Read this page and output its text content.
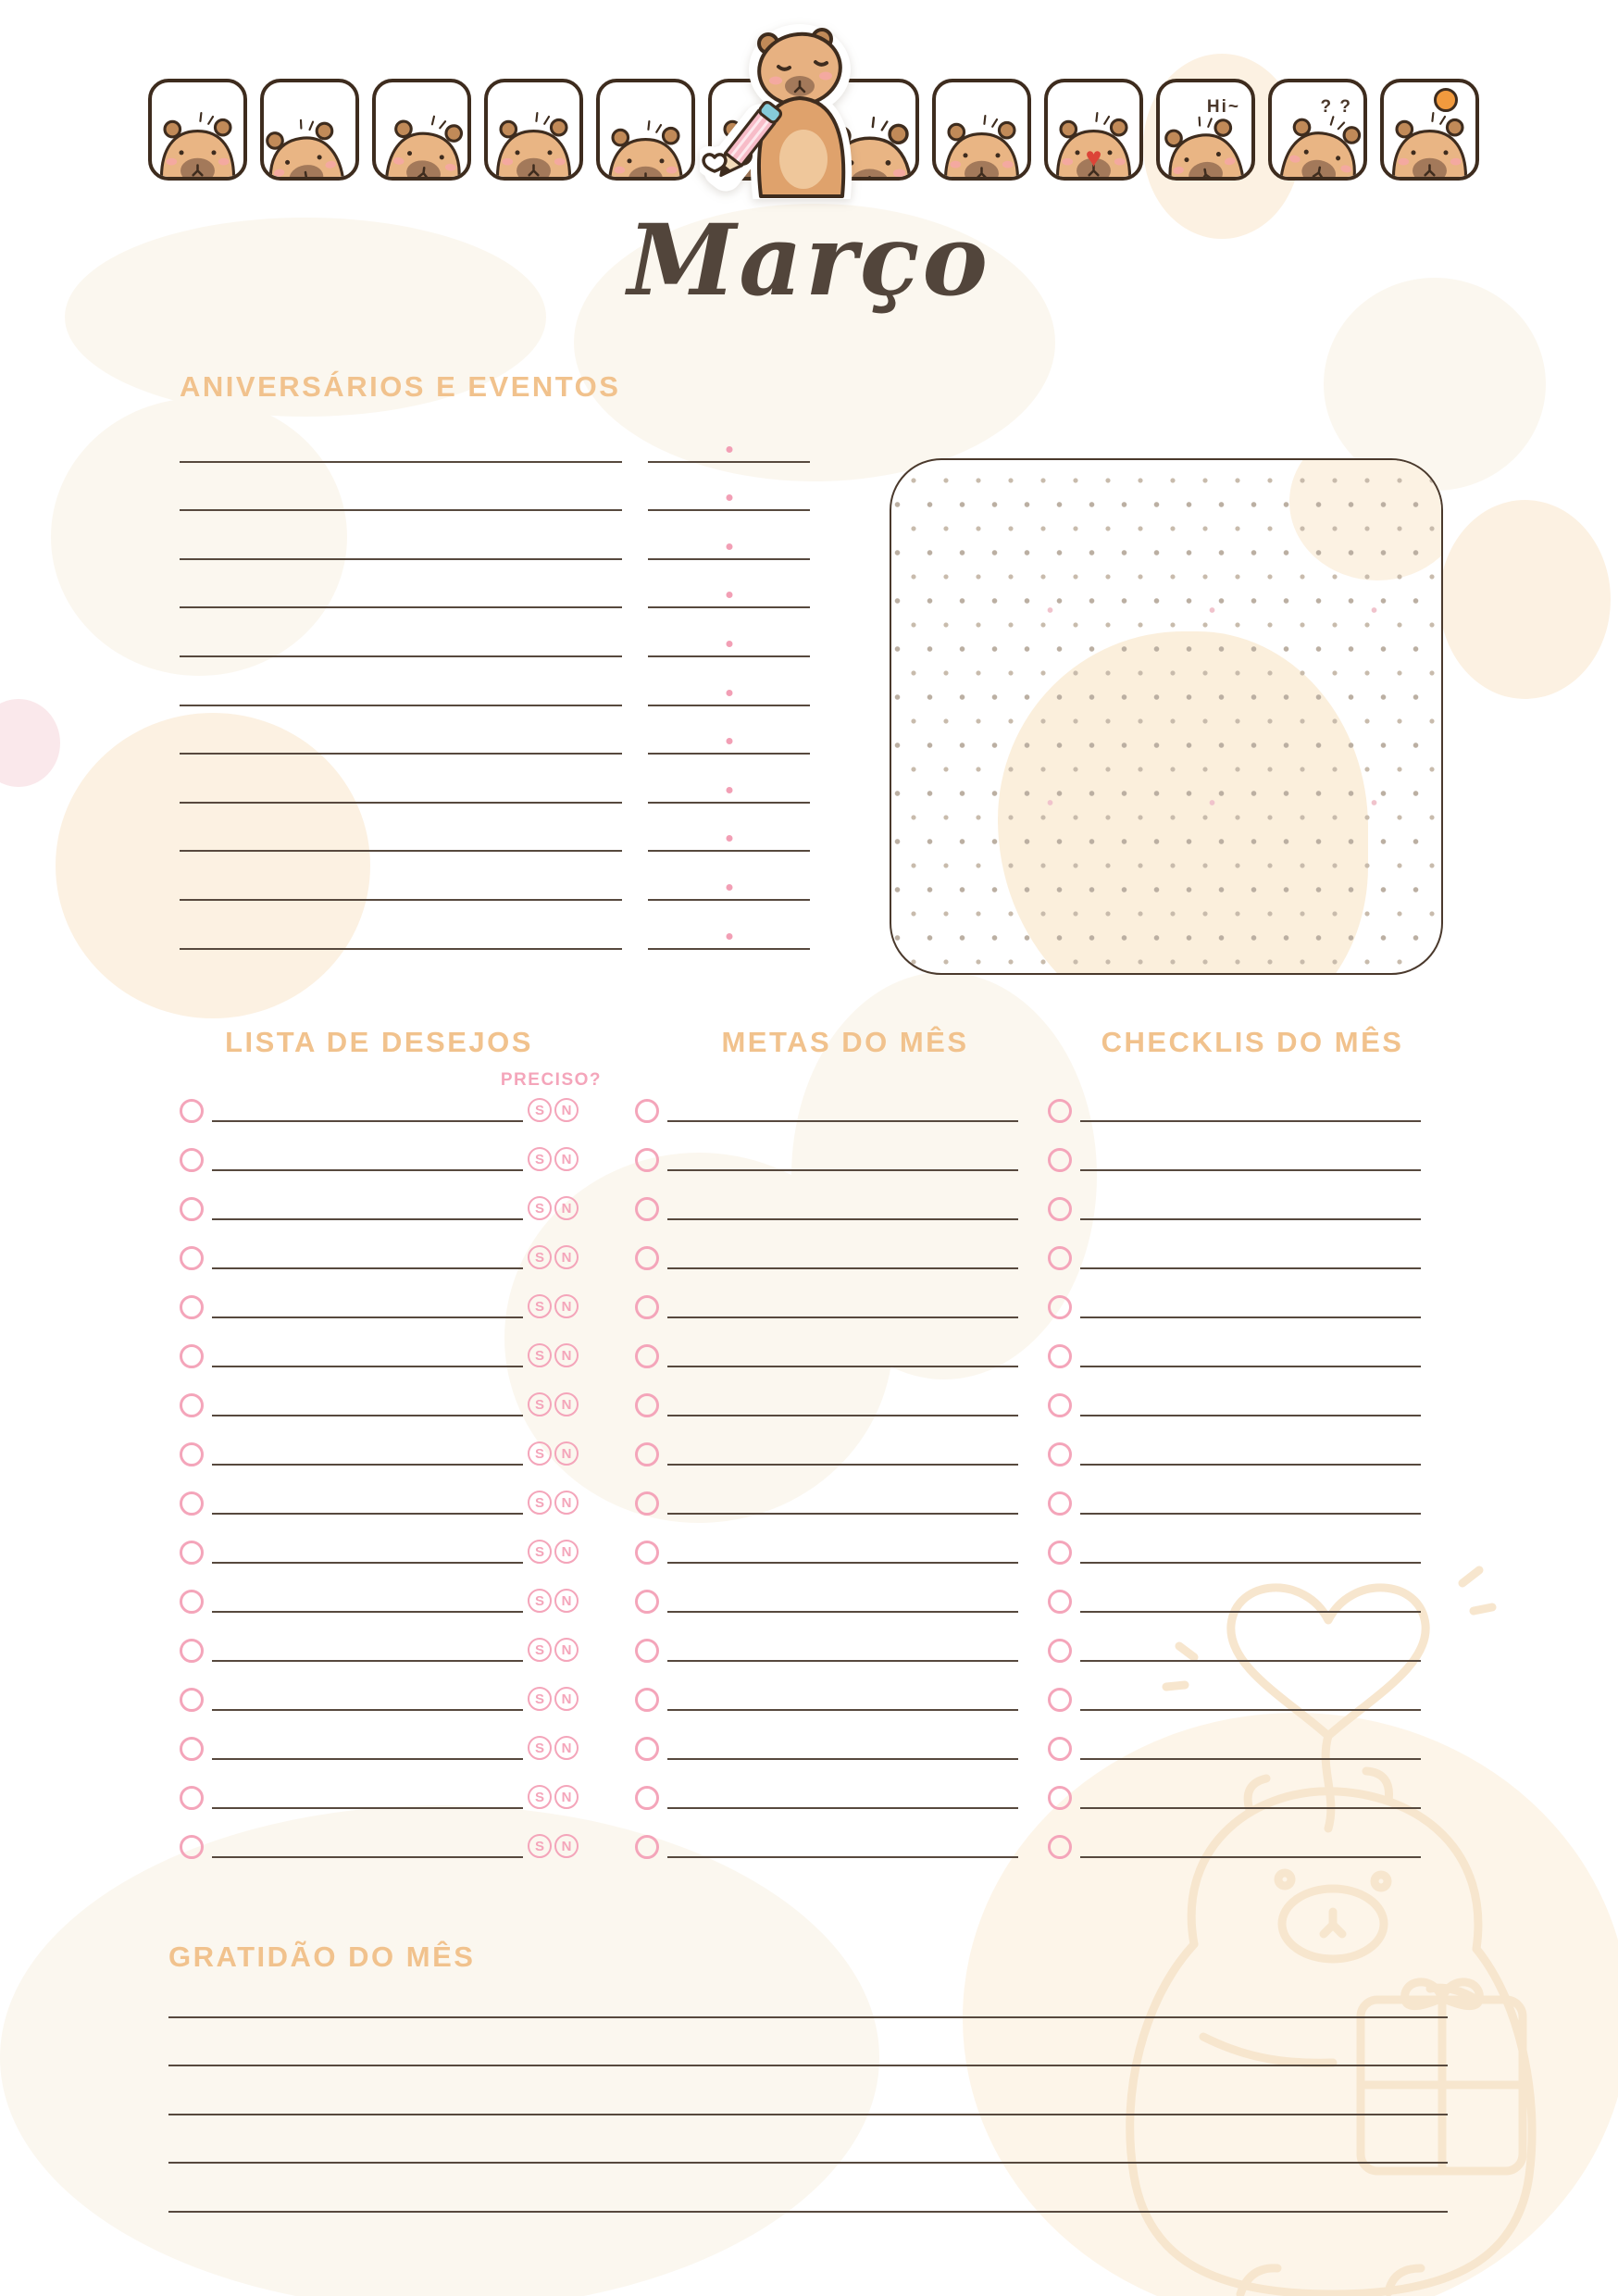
♥
Hi~	? ?
Março
ANIVERSÁRIOS E EVENTOS
LISTA DE DESEJOS	METAS DO MÊS	CHECKLIS DO MÊS
PRECISO?
S	N
S	N
S	N
S	N
S	N
S	N
S	N
S	N
S	N
S	N
S	N
S	N
S	N
S	N
S	N
S	N
GRATIDÃO DO MÊS
